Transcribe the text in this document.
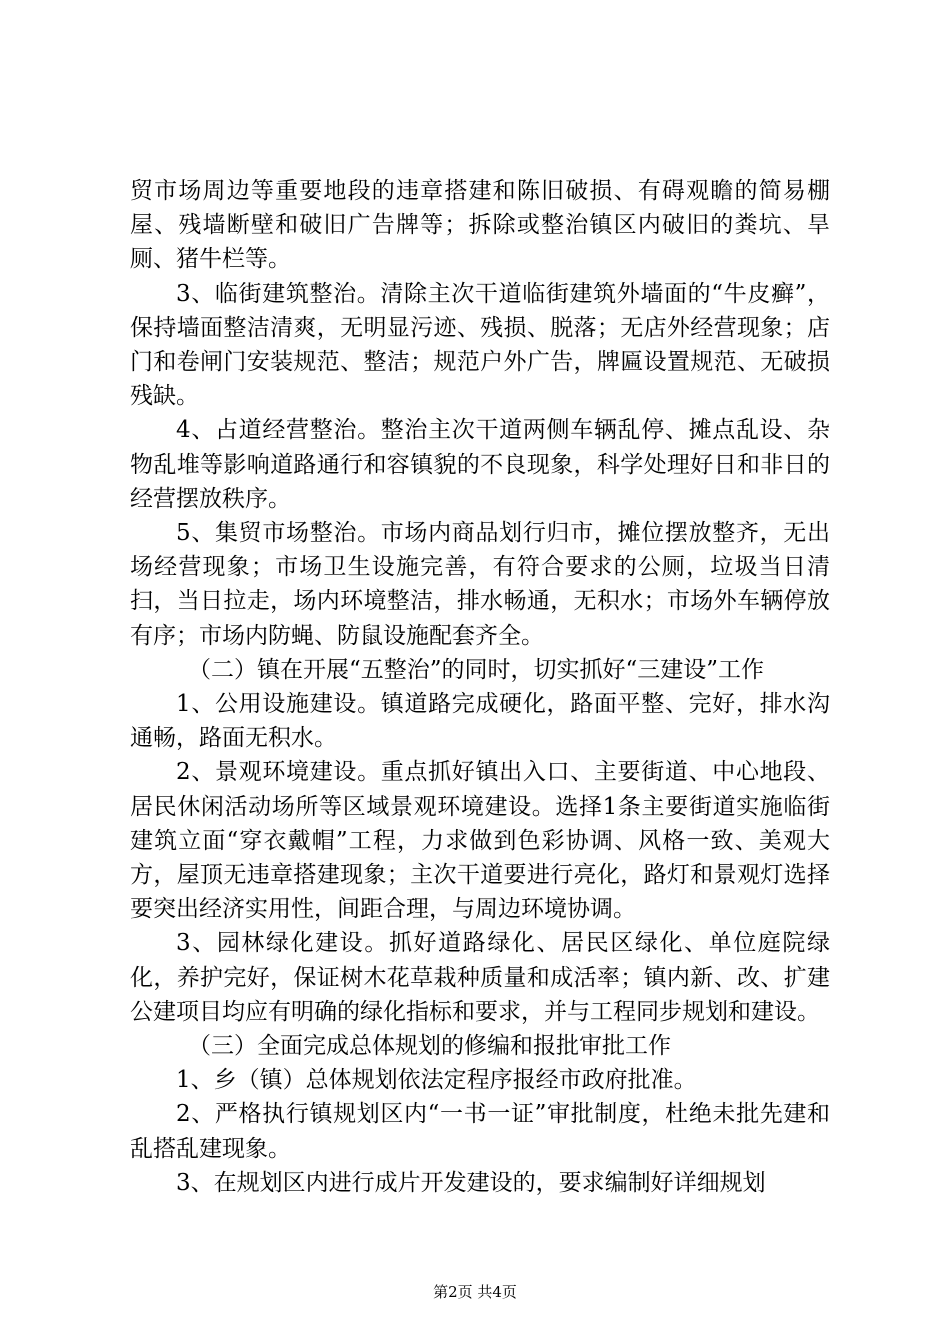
贸市场周边等重要地段的违章搭建和陈旧破损、有碍观瞻的简易棚屋、残墙断壁和破旧广告牌等；拆除或整治镇区内破旧的粪坑、旱厕、猪牛栏等。

3、临街建筑整治。清除主次干道临街建筑外墙面的“牛皮癣”，保持墙面整洁清爽，无明显污迹、残损、脱落；无店外经营现象；店门和卷闸门安装规范、整洁；规范户外广告，牌匾设置规范、无破损残缺。

4、占道经营整治。整治主次干道两侧车辆乱停、摊点乱设、杂物乱堆等影响道路通行和容镇貌的不良现象，科学处理好日和非日的经营摆放秩序。

5、集贸市场整治。市场内商品划行归市，摊位摆放整齐，无出场经营现象；市场卫生设施完善，有符合要求的公厕，垃圾当日清扫，当日拉走，场内环境整洁，排水畅通，无积水；市场外车辆停放有序；市场内防蝇、防鼠设施配套齐全。

（二）镇在开展“五整治”的同时，切实抓好“三建设”工作

1、公用设施建设。镇道路完成硬化，路面平整、完好，排水沟通畅，路面无积水。

2、景观环境建设。重点抓好镇出入口、主要街道、中心地段、居民休闲活动场所等区域景观环境建设。选择1条主要街道实施临街建筑立面“穿衣戴帽”工程，力求做到色彩协调、风格一致、美观大方，屋顶无违章搭建现象；主次干道要进行亮化，路灯和景观灯选择要突出经济实用性，间距合理，与周边环境协调。

3、园林绿化建设。抓好道路绿化、居民区绿化、单位庭院绿化，养护完好，保证树木花草栽种质量和成活率；镇内新、改、扩建公建项目均应有明确的绿化指标和要求，并与工程同步规划和建设。

（三）全面完成总体规划的修编和报批审批工作

1、乡（镇）总体规划依法定程序报经市政府批准。

2、严格执行镇规划区内“一书一证”审批制度，杜绝未批先建和乱搭乱建现象。

3、在规划区内进行成片开发建设的，要求编制好详细规划

第2页 共4页
